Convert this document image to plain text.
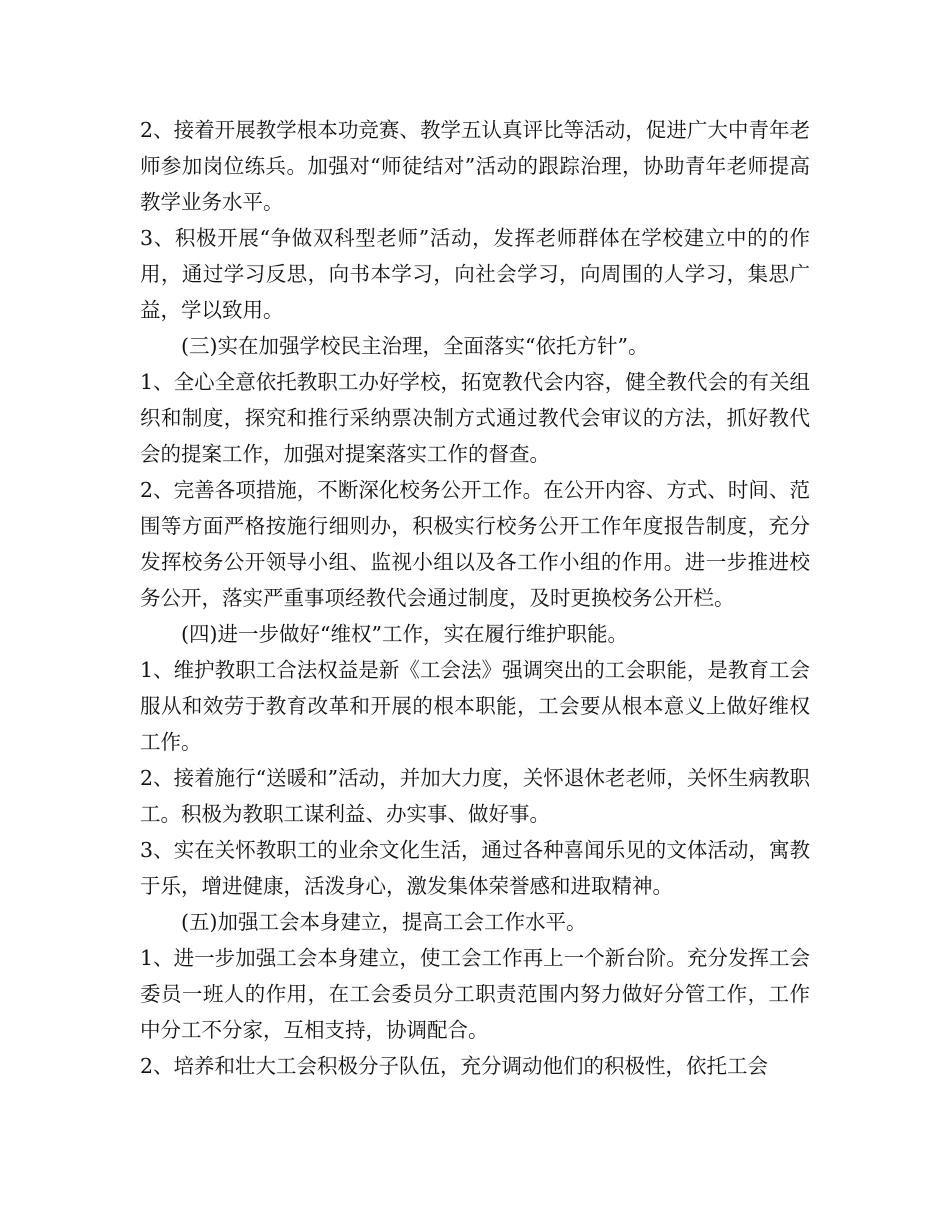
2、接着开展教学根本功竞赛、教学五认真评比等活动，促进广大中青年老师参加岗位练兵。加强对“师徒结对”活动的跟踪治理，协助青年老师提高教学业务水平。

3、积极开展“争做双科型老师”活动，发挥老师群体在学校建立中的的作用，通过学习反思，向书本学习，向社会学习，向周围的人学习，集思广益，学以致用。

(三)实在加强学校民主治理，全面落实“依托方针”。

1、全心全意依托教职工办好学校，拓宽教代会内容，健全教代会的有关组织和制度，探究和推行采纳票决制方式通过教代会审议的方法，抓好教代会的提案工作，加强对提案落实工作的督查。

2、完善各项措施，不断深化校务公开工作。在公开内容、方式、时间、范围等方面严格按施行细则办，积极实行校务公开工作年度报告制度，充分发挥校务公开领导小组、监视小组以及各工作小组的作用。进一步推进校务公开，落实严重事项经教代会通过制度，及时更换校务公开栏。

(四)进一步做好“维权”工作，实在履行维护职能。

1、维护教职工合法权益是新《工会法》强调突出的工会职能，是教育工会服从和效劳于教育改革和开展的根本职能，工会要从根本意义上做好维权工作。

2、接着施行“送暖和”活动，并加大力度，关怀退休老老师，关怀生病教职工。积极为教职工谋利益、办实事、做好事。

3、实在关怀教职工的业余文化生活，通过各种喜闻乐见的文体活动，寓教于乐，增进健康，活泼身心，激发集体荣誉感和进取精神。

(五)加强工会本身建立，提高工会工作水平。

1、进一步加强工会本身建立，使工会工作再上一个新台阶。充分发挥工会委员一班人的作用，在工会委员分工职责范围内努力做好分管工作，工作中分工不分家，互相支持，协调配合。

2、培养和壮大工会积极分子队伍，充分调动他们的积极性，依托工会
